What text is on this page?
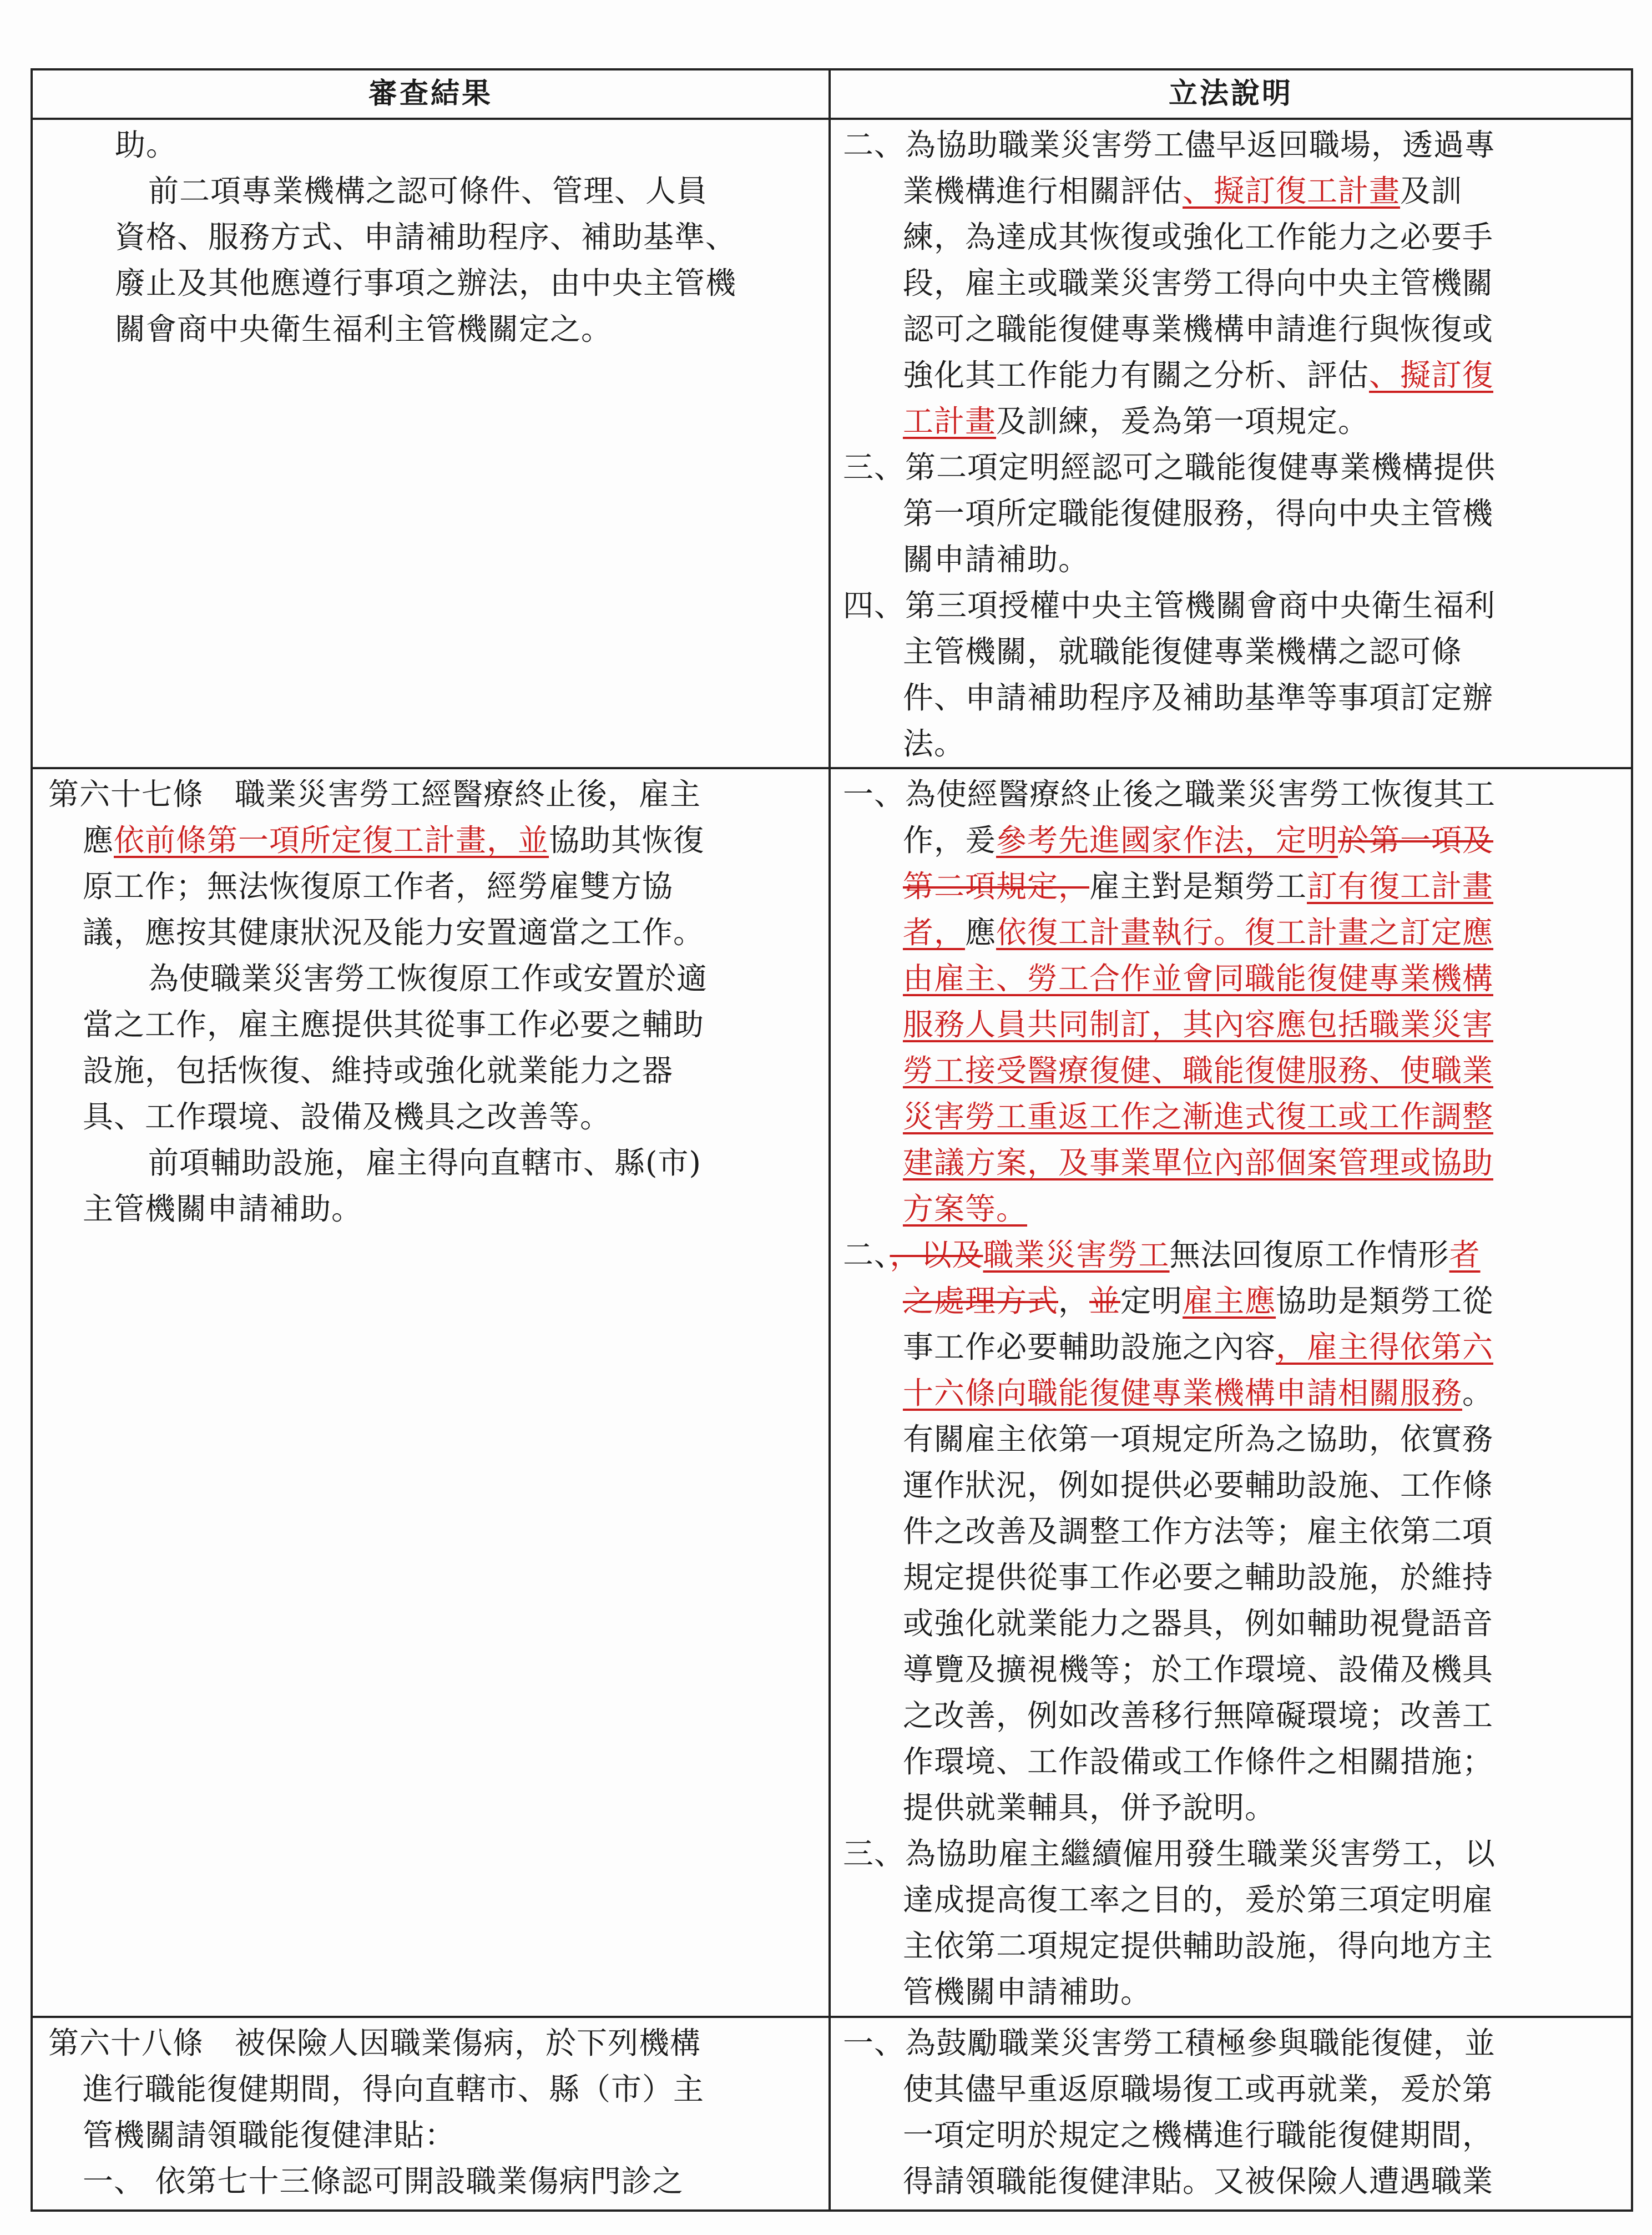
審查結果	立法說明
助。
前二項專業機構之認可條件、管理、人員
資格、服務方式、申請補助程序、補助基準、
廢止及其他應遵行事項之辦法，由中央主管機
關會商中央衛生福利主管機關定之。
二、為協助職業災害勞工儘早返回職場，透過專
業機構進行相關評估、擬訂復工計畫及訓
練，為達成其恢復或強化工作能力之必要手
段，雇主或職業災害勞工得向中央主管機關
認可之職能復健專業機構申請進行與恢復或
強化其工作能力有關之分析、評估、擬訂復
工計畫及訓練，爰為第一項規定。
三、第二項定明經認可之職能復健專業機構提供
第一項所定職能復健服務，得向中央主管機
關申請補助。
四、第三項授權中央主管機關會商中央衛生福利
主管機關，就職能復健專業機構之認可條
件、申請補助程序及補助基準等事項訂定辦
法。
第六十七條　職業災害勞工經醫療終止後，雇主
應依前條第一項所定復工計畫，並協助其恢復
原工作；無法恢復原工作者，經勞雇雙方協
議，應按其健康狀況及能力安置適當之工作。
為使職業災害勞工恢復原工作或安置於適
當之工作，雇主應提供其從事工作必要之輔助
設施，包括恢復、維持或強化就業能力之器
具、工作環境、設備及機具之改善等。
前項輔助設施，雇主得向直轄市、縣(市)
主管機關申請補助。
一、為使經醫療終止後之職業災害勞工恢復其工
作，爰參考先進國家作法，定明於第一項及
第二項規定，雇主對是類勞工訂有復工計畫
者，應依復工計畫執行。復工計畫之訂定應
由雇主、勞工合作並會同職能復健專業機構
服務人員共同制訂，其內容應包括職業災害
勞工接受醫療復健、職能復健服務、使職業
災害勞工重返工作之漸進式復工或工作調整
建議方案，及事業單位內部個案管理或協助
方案等。
二、，以及職業災害勞工無法回復原工作情形者
之處理方式，並定明雇主應協助是類勞工從
事工作必要輔助設施之內容，雇主得依第六
十六條向職能復健專業機構申請相關服務。
有關雇主依第一項規定所為之協助，依實務
運作狀況，例如提供必要輔助設施、工作條
件之改善及調整工作方法等；雇主依第二項
規定提供從事工作必要之輔助設施，於維持
或強化就業能力之器具，例如輔助視覺語音
導覽及擴視機等；於工作環境、設備及機具
之改善，例如改善移行無障礙環境；改善工
作環境、工作設備或工作條件之相關措施；
提供就業輔具，併予說明。
三、為協助雇主繼續僱用發生職業災害勞工，以
達成提高復工率之目的，爰於第三項定明雇
主依第二項規定提供輔助設施，得向地方主
管機關申請補助。
第六十八條　被保險人因職業傷病，於下列機構
進行職能復健期間，得向直轄市、縣（市）主
管機關請領職能復健津貼：
一、 依第七十三條認可開設職業傷病門診之
一、為鼓勵職業災害勞工積極參與職能復健，並
使其儘早重返原職場復工或再就業，爰於第
一項定明於規定之機構進行職能復健期間，
得請領職能復健津貼。又被保險人遭遇職業
